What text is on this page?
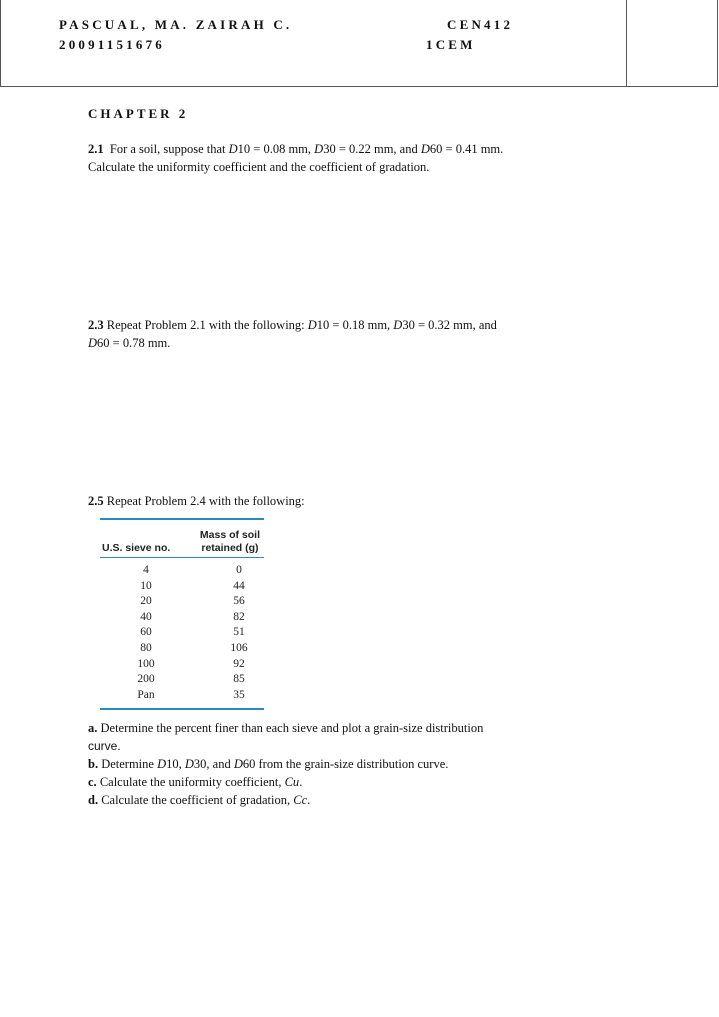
PASCUAL, MA. ZAIRAH C.
20091151676
CEN412
1CEM
CHAPTER 2
2.1 For a soil, suppose that D10 = 0.08 mm, D30 = 0.22 mm, and D60 = 0.41 mm.
Calculate the uniformity coefficient and the coefficient of gradation.
2.3 Repeat Problem 2.1 with the following: D10 = 0.18 mm, D30 = 0.32 mm, and
D60 = 0.78 mm.
2.5 Repeat Problem 2.4 with the following:
U.S. sieve no.
Mass of soil
retained (g)
4	0
10	44
20	56
40	82
60	51
80	106
100	92
200	85
Pan	35
a. Determine the percent finer than each sieve and plot a grain-size distribution
curve.
b. Determine D10, D30, and D60 from the grain-size distribution curve.
c. Calculate the uniformity coefficient, Cu.
d. Calculate the coefficient of gradation, Cc.
